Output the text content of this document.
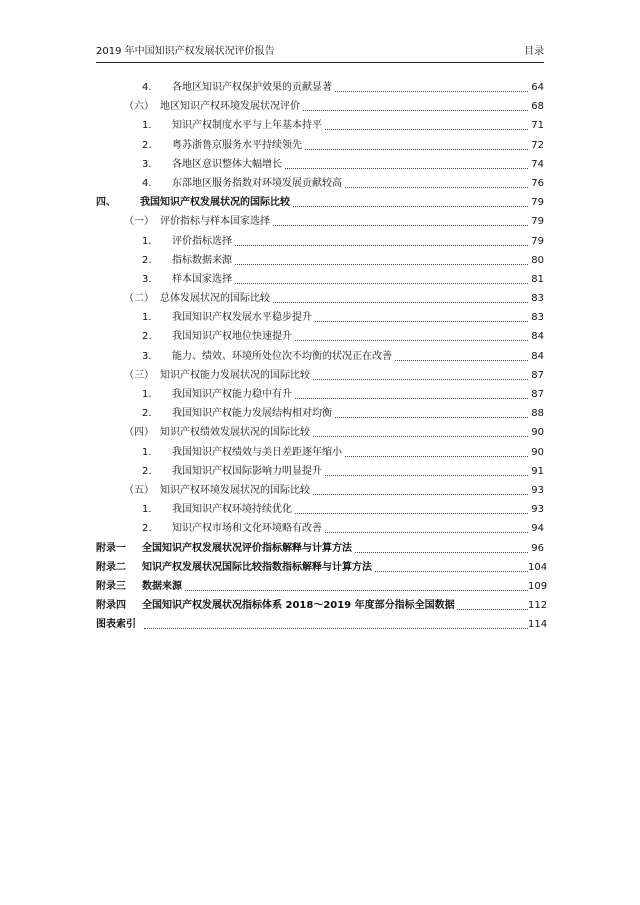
2019 年中国知识产权发展状况评价报告	目录
4. 各地区知识产权保护效果的贡献显著	64
（六） 地区知识产权环境发展状况评价	68
1. 知识产权制度水平与上年基本持平	71
2. 粤苏浙鲁京服务水平持续领先	72
3. 各地区意识整体大幅增长	74
4. 东部地区服务指数对环境发展贡献较高	76
四、 我国知识产权发展状况的国际比较	79
（一） 评价指标与样本国家选择	79
1. 评价指标选择	79
2. 指标数据来源	80
3. 样本国家选择	81
（二） 总体发展状况的国际比较	83
1. 我国知识产权发展水平稳步提升	83
2. 我国知识产权地位快速提升	84
3. 能力、绩效、环境所处位次不均衡的状况正在改善	84
（三） 知识产权能力发展状况的国际比较	87
1. 我国知识产权能力稳中有升	87
2. 我国知识产权能力发展结构相对均衡	88
（四） 知识产权绩效发展状况的国际比较	90
1. 我国知识产权绩效与美日差距逐年缩小	90
2. 我国知识产权国际影响力明显提升	91
（五） 知识产权环境发展状况的国际比较	93
1. 我国知识产权环境持续优化	93
2. 知识产权市场和文化环境略有改善	94
附录一 全国知识产权发展状况评价指标解释与计算方法	96
附录二 知识产权发展状况国际比较指数指标解释与计算方法	104
附录三 数据来源	109
附录四 全国知识产权发展状况指标体系 2018～2019 年度部分指标全国数据	112
图表索引	114
